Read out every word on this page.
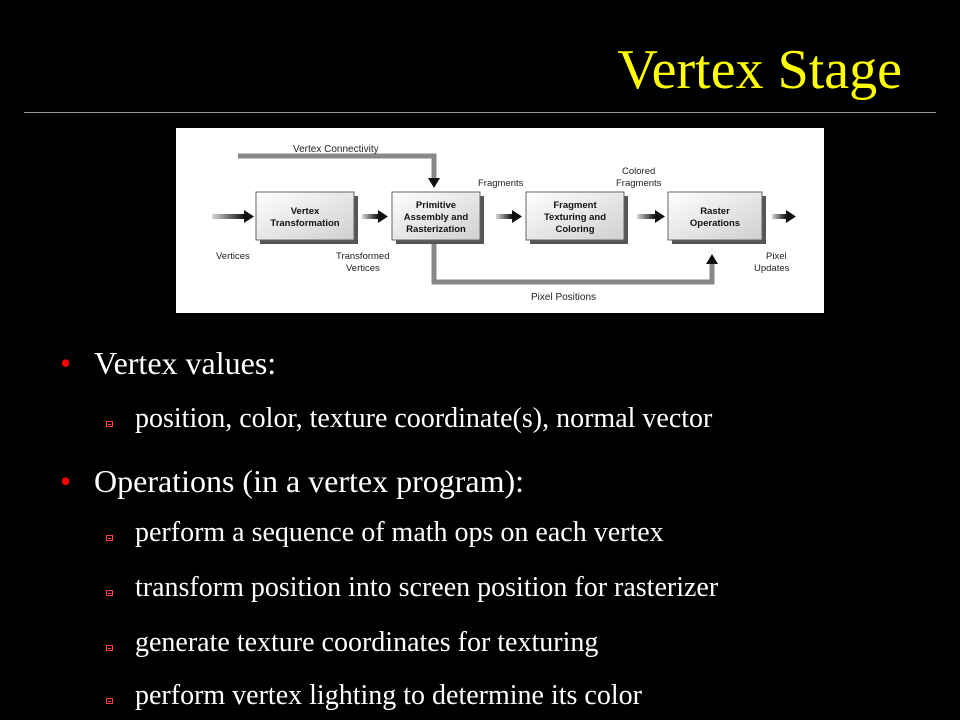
Vertex Stage
Vertex Connectivity
Pixel Positions
Vertex
Transformation
Primitive
Assembly and
Rasterization
Fragment
Texturing and
Coloring
Raster
Operations
Vertices	Transformed
Vertices
Fragments
Colored
Fragments
Pixel
Updates
• Vertex values:
position, color, texture coordinate(s), normal vector
• Operations (in a vertex program):
perform a sequence of math ops on each vertex
transform position into screen position for rasterizer
generate texture coordinates for texturing
perform vertex lighting to determine its color
